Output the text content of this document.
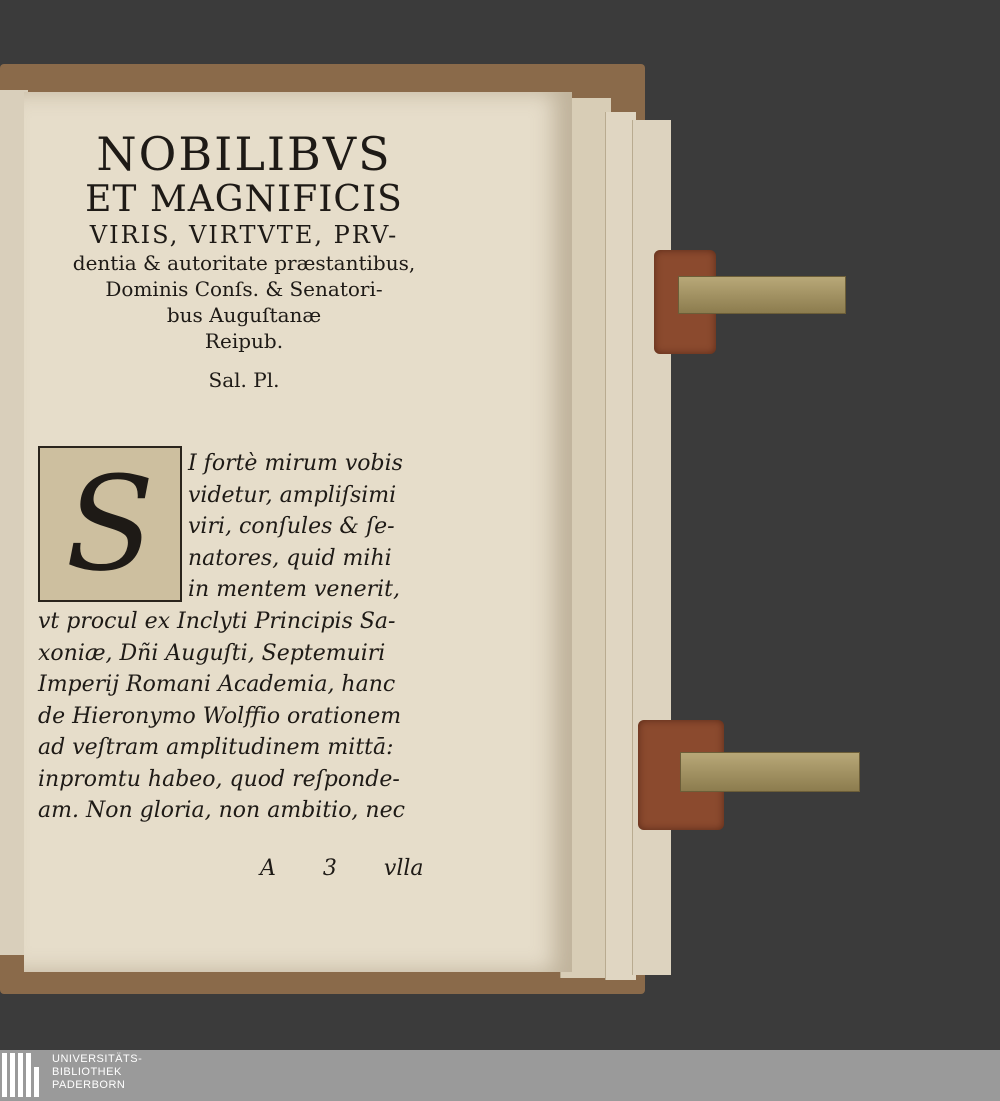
NOBILIBVS

ET MAGNIFICIS

VIRIS, VIRTVTE, PRV-

dentia & autoritate præstantibus,

Dominis Conſs. & Senatori-

bus Auguſtanæ

Reipub.

Sal. Pl.

S	I fortè mirum vobis

videtur, ampliſsimi

viri, conſules & ſe-

natores, quid mihi

in mentem venerit,

vt procul ex Inclyti Principis Sa-

xoniæ, Dñi Auguſti, Septemuiri

Imperij Romani Academia, hanc

de Hieronymo Wolffio orationem

ad veſtram amplitudinem mittā:

inpromtu habeo, quod reſponde-

am. Non gloria, non ambitio, nec

A 3 vlla
UNIVERSITÄTS-
BIBLIOTHEK
PADERBORN
